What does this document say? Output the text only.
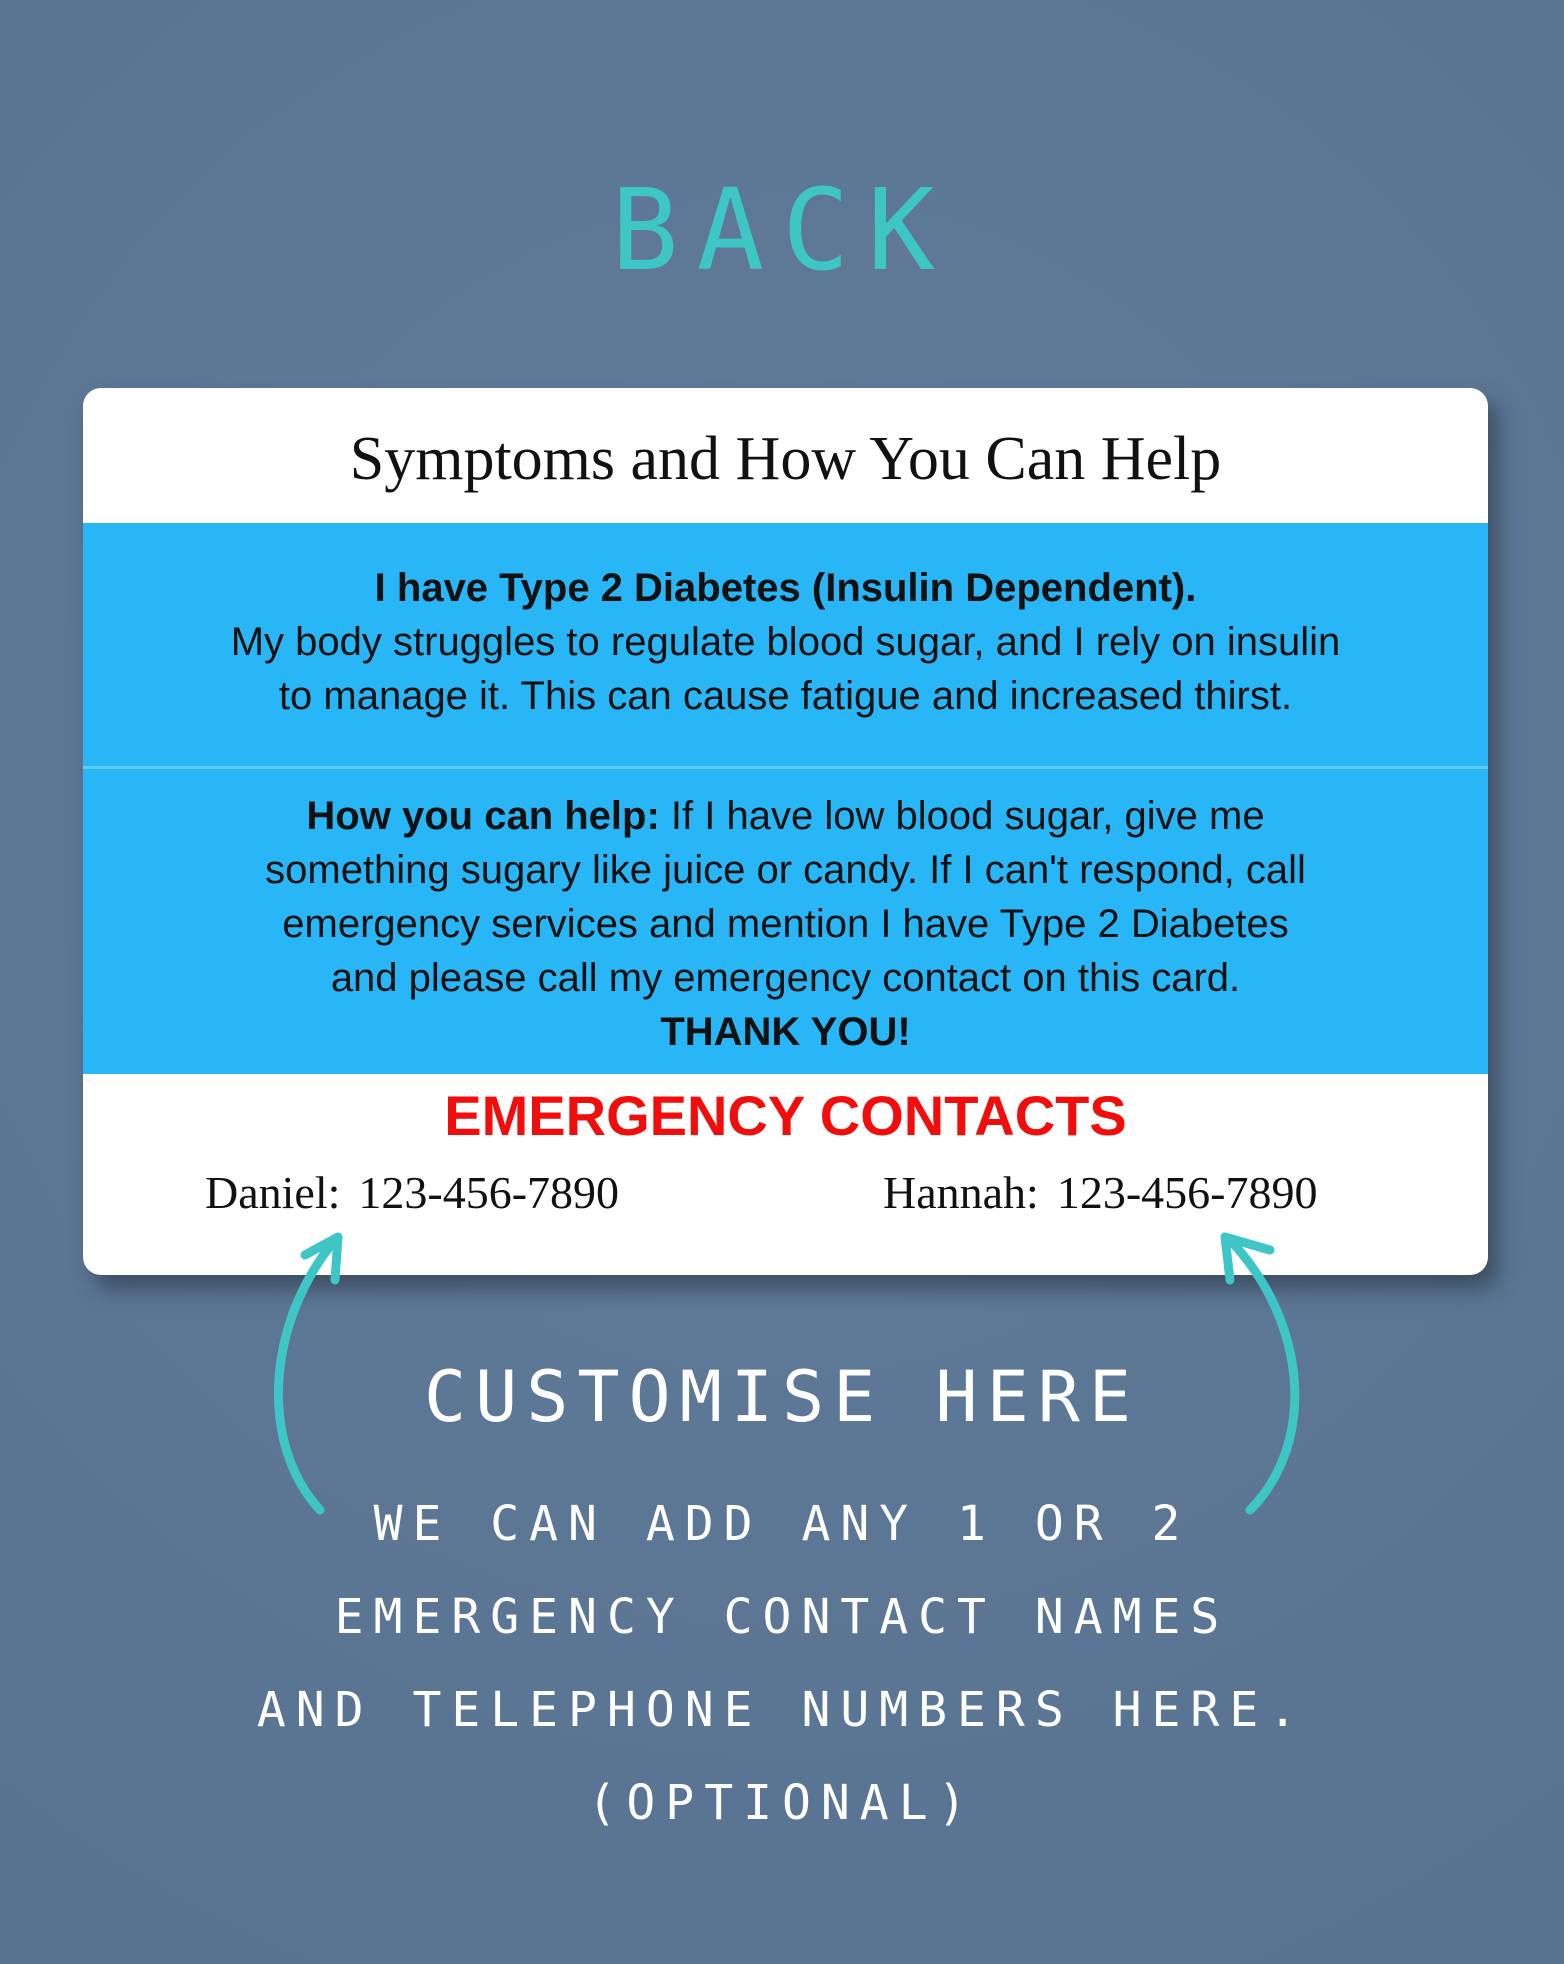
BACK
Symptoms and How You Can Help
I have Type 2 Diabetes (Insulin Dependent).
My body struggles to regulate blood sugar, and I rely on insulin
to manage it. This can cause fatigue and increased thirst.
How you can help: If I have low blood sugar, give me
something sugary like juice or candy. If I can't respond, call
emergency services and mention I have Type 2 Diabetes
and please call my emergency contact on this card.
THANK YOU!
EMERGENCY CONTACTS
Daniel: 123-456-7890	Hannah: 123-456-7890
CUSTOMISE HERE
WE CAN ADD ANY 1 OR 2
EMERGENCY CONTACT NAMES
AND TELEPHONE NUMBERS HERE.
(OPTIONAL)
